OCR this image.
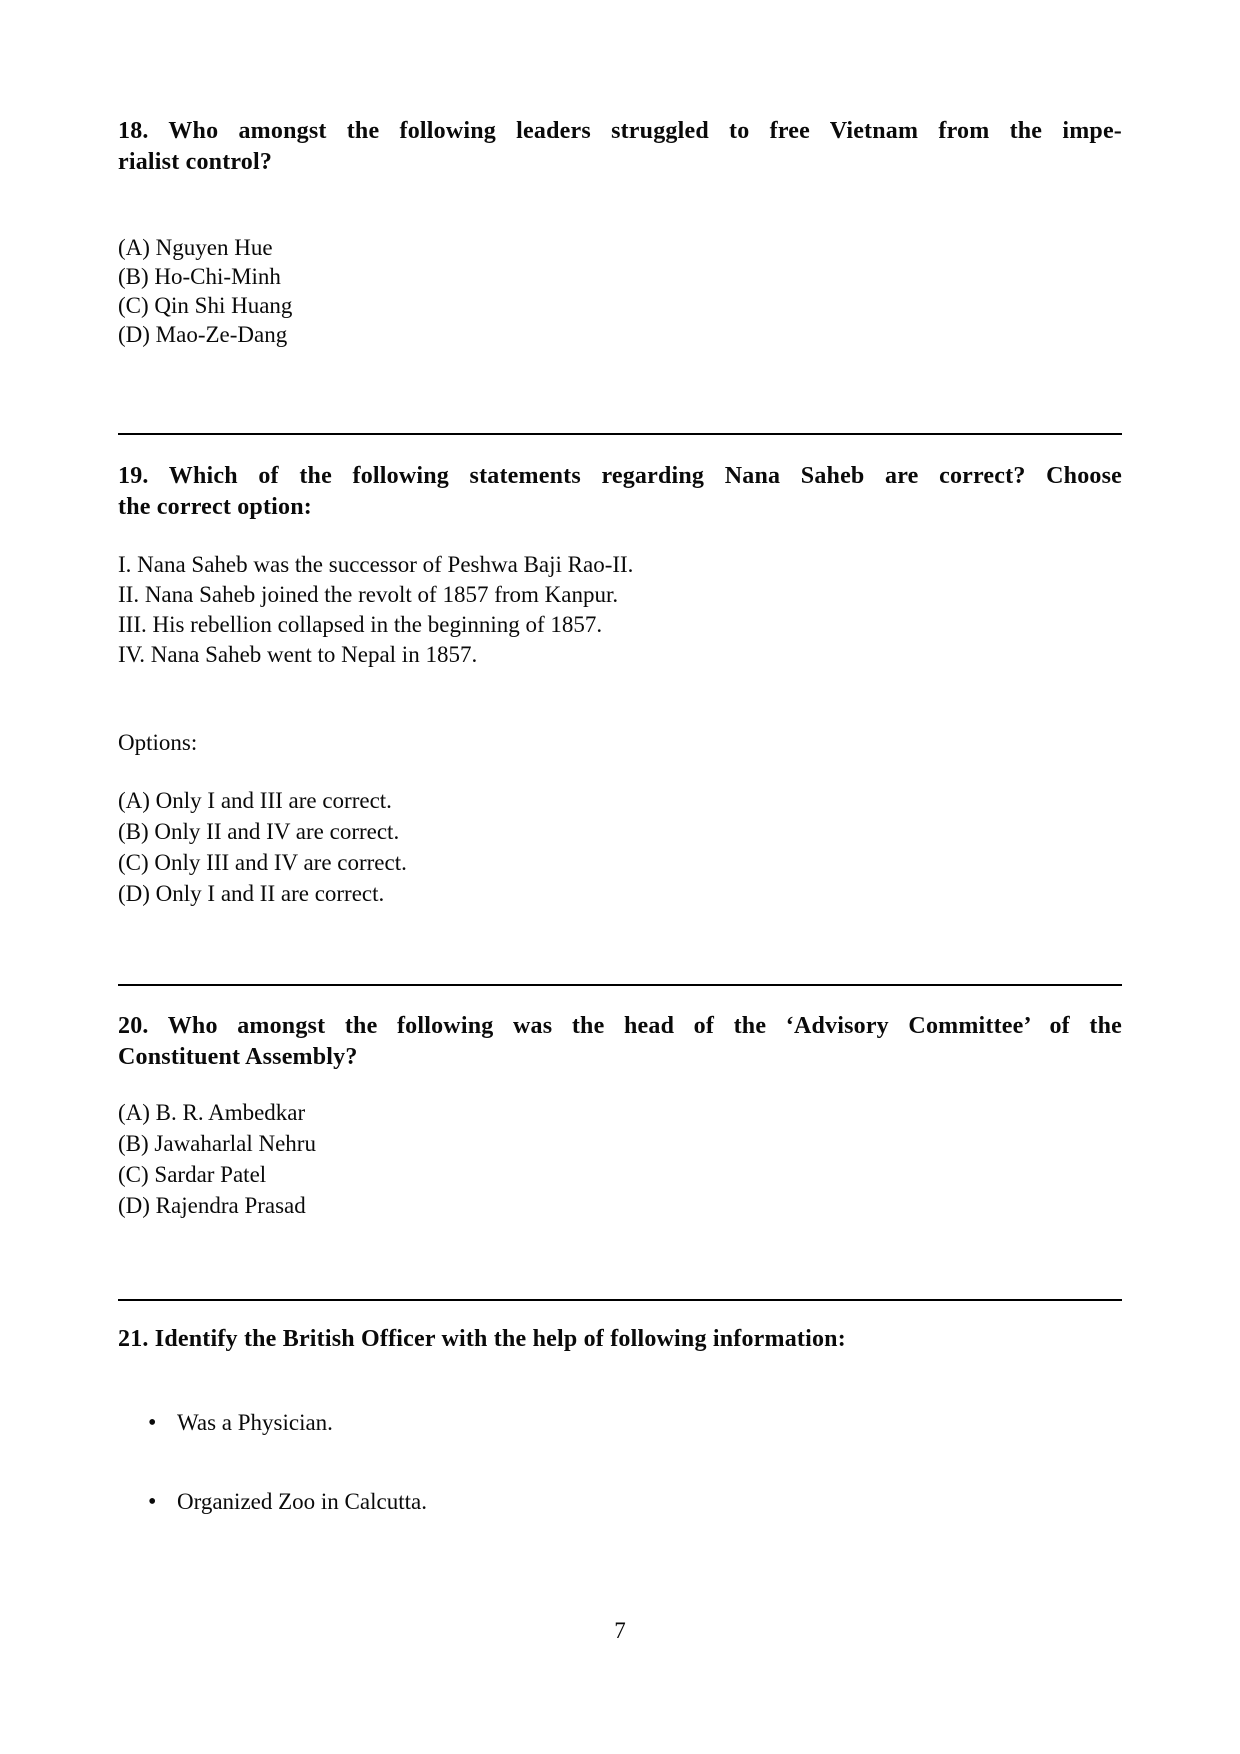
18. Who amongst the following leaders struggled to free Vietnam from the impe-
rialist control?
(A) Nguyen Hue
(B) Ho-Chi-Minh
(C) Qin Shi Huang
(D) Mao-Ze-Dang
19. Which of the following statements regarding Nana Saheb are correct? Choose
the correct option:
I. Nana Saheb was the successor of Peshwa Baji Rao-II.
II. Nana Saheb joined the revolt of 1857 from Kanpur.
III. His rebellion collapsed in the beginning of 1857.
IV. Nana Saheb went to Nepal in 1857.
Options:
(A) Only I and III are correct.
(B) Only II and IV are correct.
(C) Only III and IV are correct.
(D) Only I and II are correct.
20. Who amongst the following was the head of the ‘Advisory Committee’ of the
Constituent Assembly?
(A) B. R. Ambedkar
(B) Jawaharlal Nehru
(C) Sardar Patel
(D) Rajendra Prasad
21. Identify the British Officer with the help of following information:
• Was a Physician.
• Organized Zoo in Calcutta.
7
